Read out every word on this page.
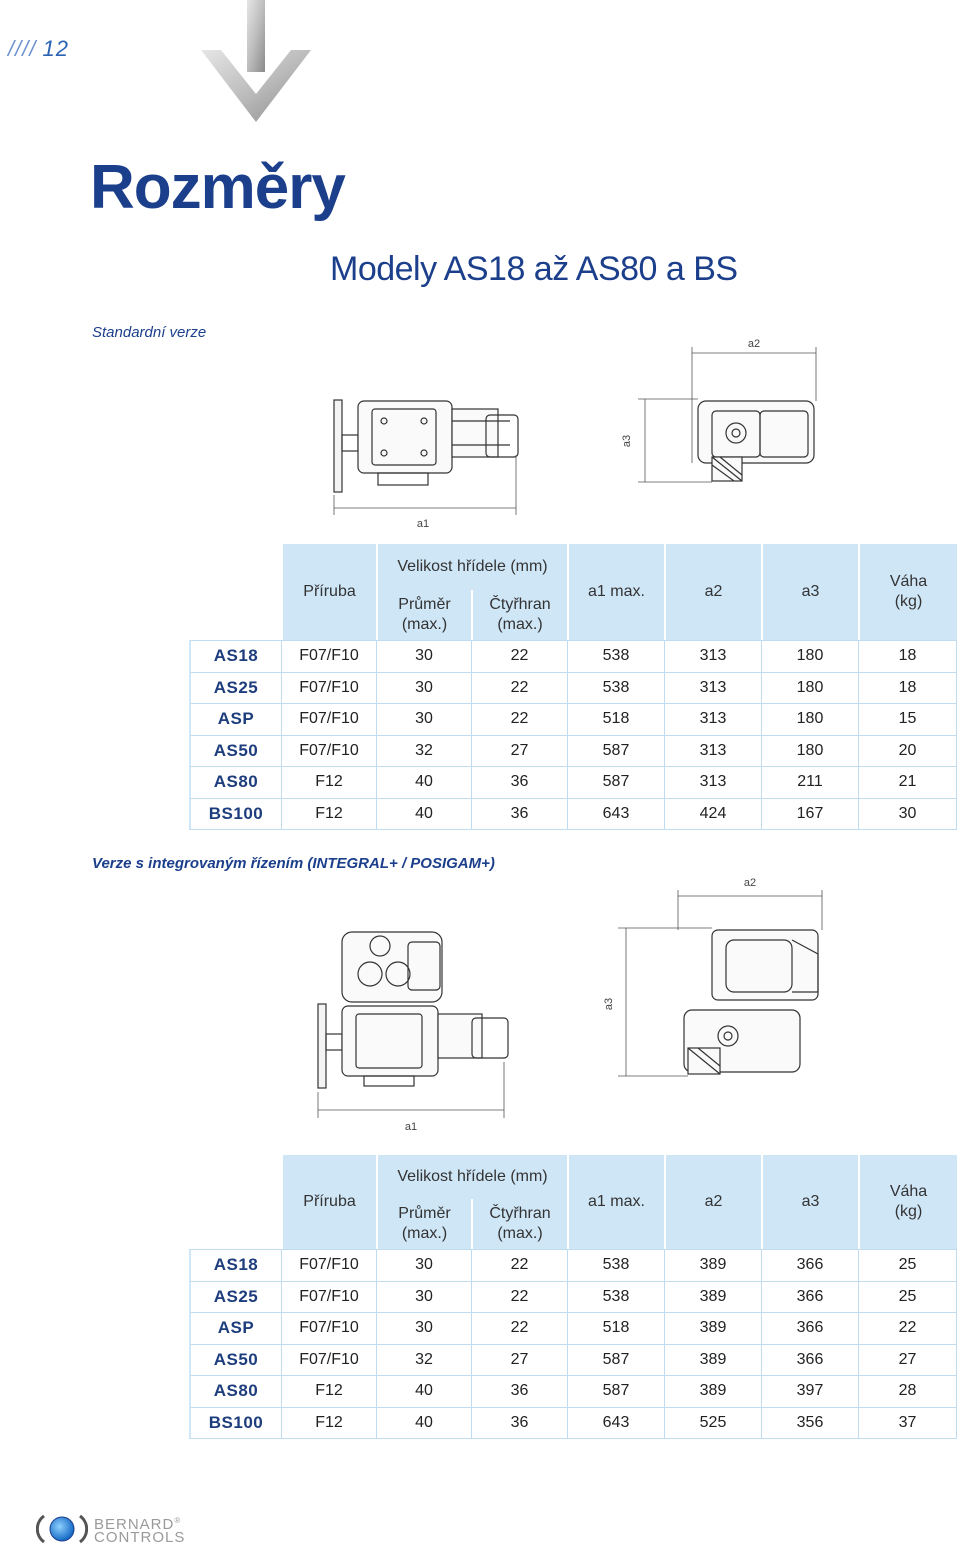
//// 12
Rozměry
Modely AS18 až AS80 a BS
Standardní verze
a1
a2
a3
	Příruba	Velikost hřídele (mm)		a1 max.	a2	a3	Váha
(kg)
		Průměr
(max.)	Čtyřhran
(max.)				
AS18	F07/F10	30	22	538	313	180	18
AS25	F07/F10	30	22	538	313	180	18
ASP	F07/F10	30	22	518	313	180	15
AS50	F07/F10	32	27	587	313	180	20
AS80	F12	40	36	587	313	211	21
BS100	F12	40	36	643	424	167	30
Verze s integrovaným řízením (INTEGRAL+ / POSIGAM+)
a1
a2
a3
	Příruba	Velikost hřídele (mm)		a1 max.	a2	a3	Váha
(kg)
		Průměr
(max.)	Čtyřhran
(max.)				
AS18	F07/F10	30	22	538	389	366	25
AS25	F07/F10	30	22	538	389	366	25
ASP	F07/F10	30	22	518	389	366	22
AS50	F07/F10	32	27	587	389	366	27
AS80	F12	40	36	587	389	397	28
BS100	F12	40	36	643	525	356	37
BERNARD®
CONTROLS
